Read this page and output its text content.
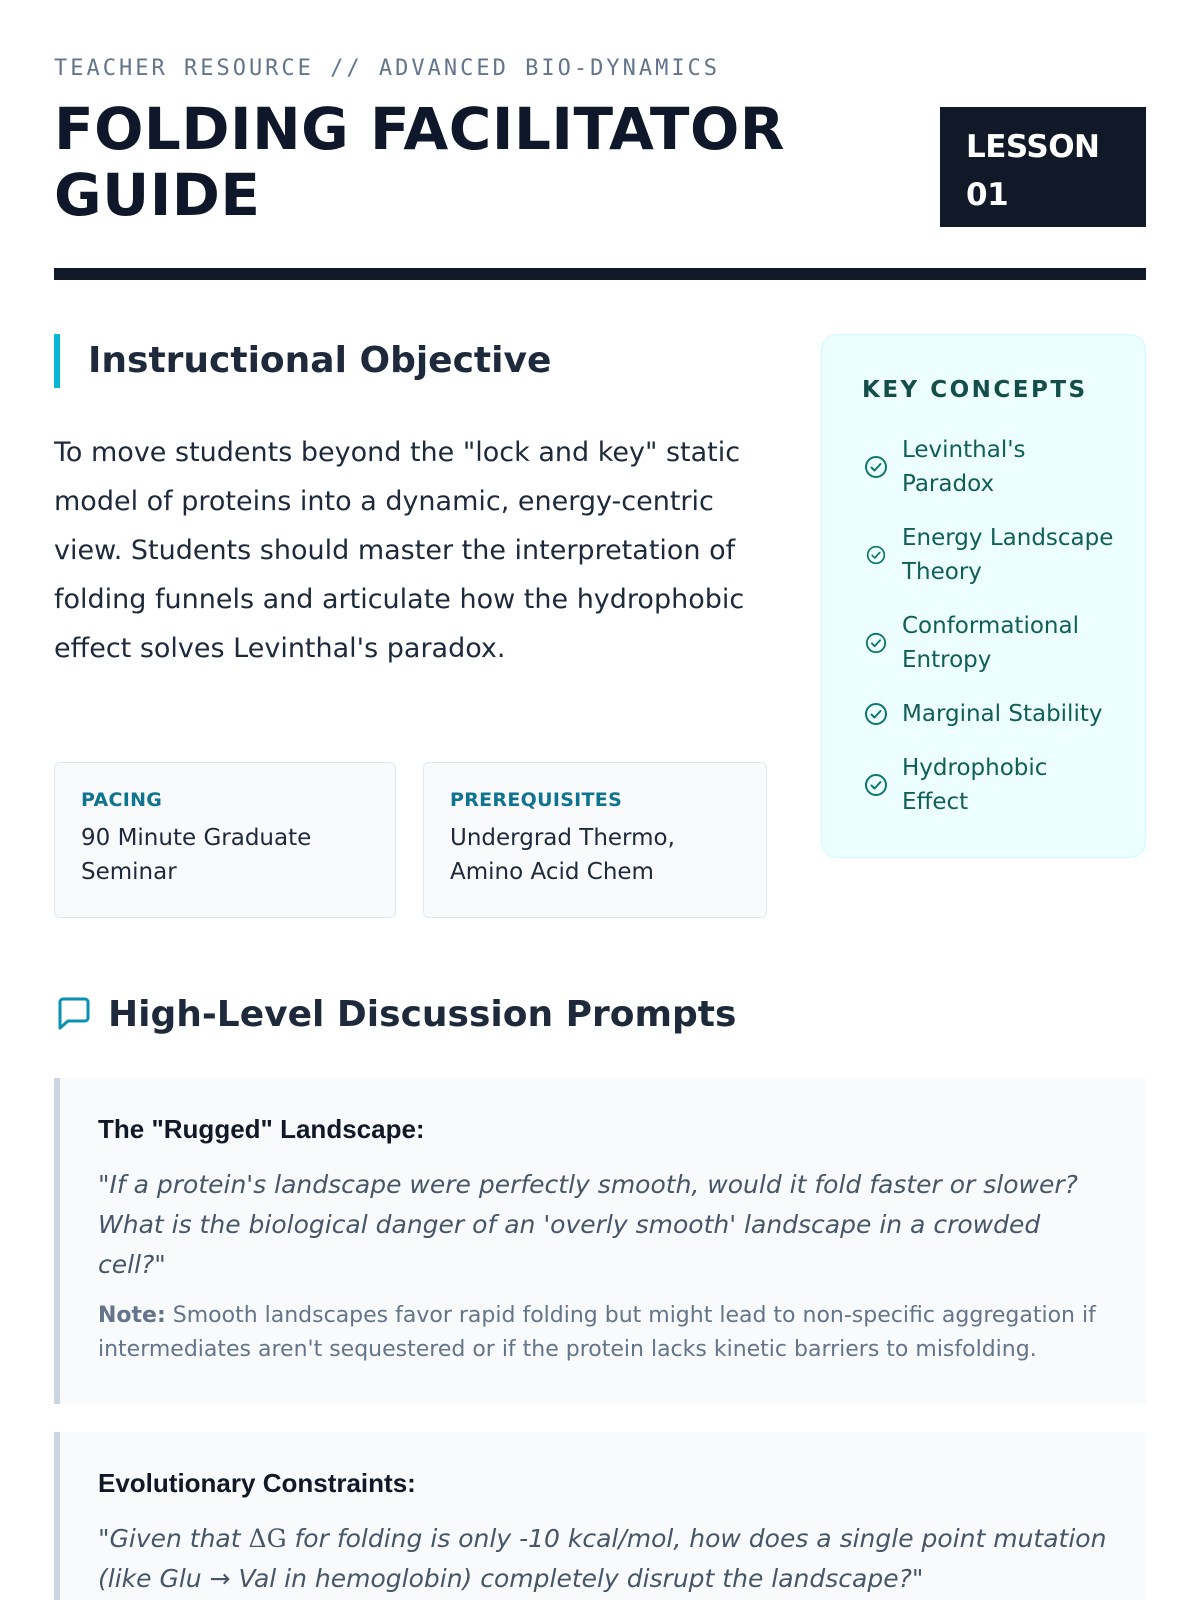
TEACHER RESOURCE // ADVANCED BIO-DYNAMICS
FOLDING FACILITATOR GUIDE
LESSON 01
Instructional Objective

To move students beyond the "lock and key" static model of proteins into a dynamic, energy-centric view. Students should master the interpretation of folding funnels and articulate how the hydrophobic effect solves Levinthal's paradox.

PACING
90 Minute Graduate Seminar
PREREQUISITES
Undergrad Thermo, Amino Acid Chem
KEY CONCEPTS
Levinthal's Paradox
Energy Landscape Theory
Conformational Entropy
Marginal Stability
Hydrophobic Effect
High-Level Discussion Prompts
The "Rugged" Landscape:
"If a protein's landscape were perfectly smooth, would it fold faster or slower? What is the biological danger of an 'overly smooth' landscape in a crowded cell?"
Note: Smooth landscapes favor rapid folding but might lead to non-specific aggregation if intermediates aren't sequestered or if the protein lacks kinetic barriers to misfolding.
Evolutionary Constraints:
"Given that ΔG for folding is only -10 kcal/mol, how does a single point mutation (like Glu → Val in hemoglobin) completely disrupt the landscape?"
